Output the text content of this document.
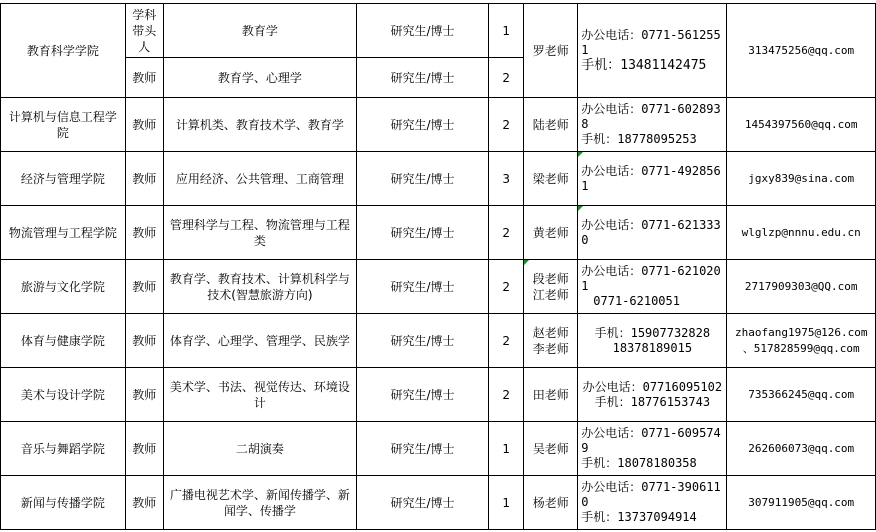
教育科学学院	学科带头人	教育学	研究生/博士	1	罗老师	办公电话：0771-5612551
手机：13481142475	313475256@qq.com
	教师	教育学、心理学	研究生/博士	2			
计算机与信息工程学院	教师	计算机类、教育技术学、教育学	研究生/博士	2	陆老师	办公电话：0771-6028938
手机：18778095253	1454397560@qq.com
经济与管理学院	教师	应用经济、公共管理、工商管理	研究生/博士	3	梁老师	办公电话：0771-4928561	jgxy839@sina.com
物流管理与工程学院	教师	管理科学与工程、物流管理与工程类	研究生/博士	2	黄老师	办公电话：0771-6213330	wlglzp@nnnu.edu.cn
旅游与文化学院	教师	教育学、教育技术、计算机科学与技术(智慧旅游方向)	研究生/博士	2	段老师
江老师	办公电话：0771-6210201
0771-6210051	2717909303@QQ.com
体育与健康学院	教师	体育学、心理学、管理学、民族学	研究生/博士	2	赵老师
李老师	手机：15907732828
18378189015	zhaofang1975@126.com
、517828599@qq.com

美术与设计学院	教师	美术学、书法、视觉传达、环境设计	研究生/博士	2	田老师	办公电话：07716095102
手机：18776153743	735366245@qq.com
音乐与舞蹈学院	教师	二胡演奏	研究生/博士	1	吴老师	办公电话：0771-6095749
手机：18078180358	262606073@qq.com
新闻与传播学院	教师	广播电视艺术学、新闻传播学、新闻学、传播学	研究生/博士	1	杨老师	办公电话：0771-3906110
手机：13737094914	307911905@qq.com
